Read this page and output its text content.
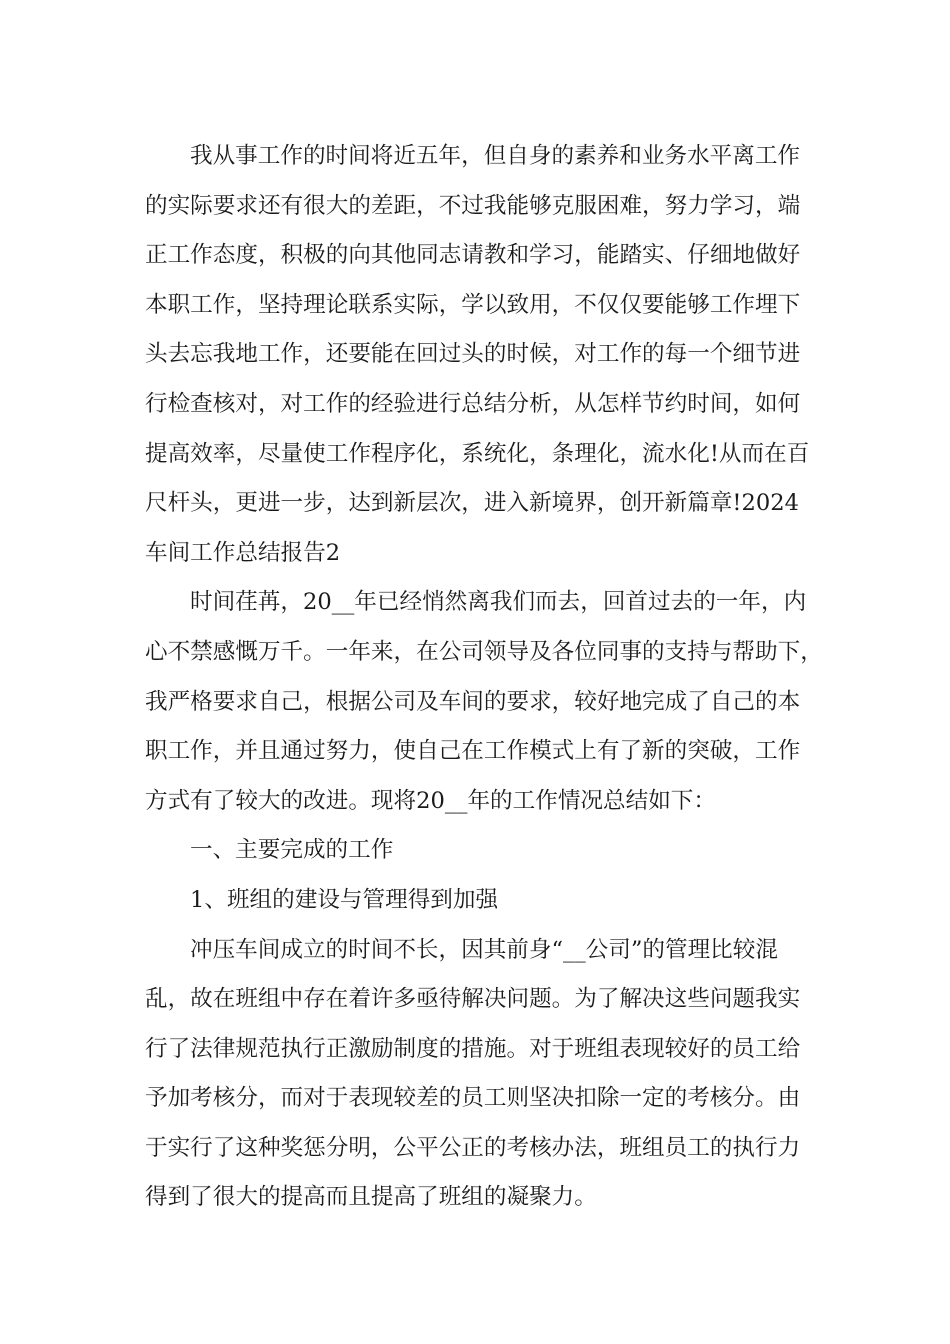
我从事工作的时间将近五年，但自身的素养和业务水平离工作
的实际要求还有很大的差距，不过我能够克服困难，努力学习，端
正工作态度，积极的向其他同志请教和学习，能踏实、仔细地做好
本职工作，坚持理论联系实际，学以致用，不仅仅要能够工作埋下
头去忘我地工作，还要能在回过头的时候，对工作的每一个细节进
行检查核对，对工作的经验进行总结分析，从怎样节约时间，如何
提高效率，尽量使工作程序化，系统化，条理化，流水化!从而在百
尺杆头，更进一步，达到新层次，进入新境界，创开新篇章!2024
车间工作总结报告2
时间荏苒，20__年已经悄然离我们而去，回首过去的一年，内
心不禁感慨万千。一年来，在公司领导及各位同事的支持与帮助下，
我严格要求自己，根据公司及车间的要求，较好地完成了自己的本
职工作，并且通过努力，使自己在工作模式上有了新的突破，工作
方式有了较大的改进。现将20__年的工作情况总结如下：
一、主要完成的工作
1、班组的建设与管理得到加强
冲压车间成立的时间不长，因其前身“__公司”的管理比较混
乱，故在班组中存在着许多亟待解决问题。为了解决这些问题我实
行了法律规范执行正激励制度的措施。对于班组表现较好的员工给
予加考核分，而对于表现较差的员工则坚决扣除一定的考核分。由
于实行了这种奖惩分明，公平公正的考核办法，班组员工的执行力
得到了很大的提高而且提高了班组的凝聚力。
